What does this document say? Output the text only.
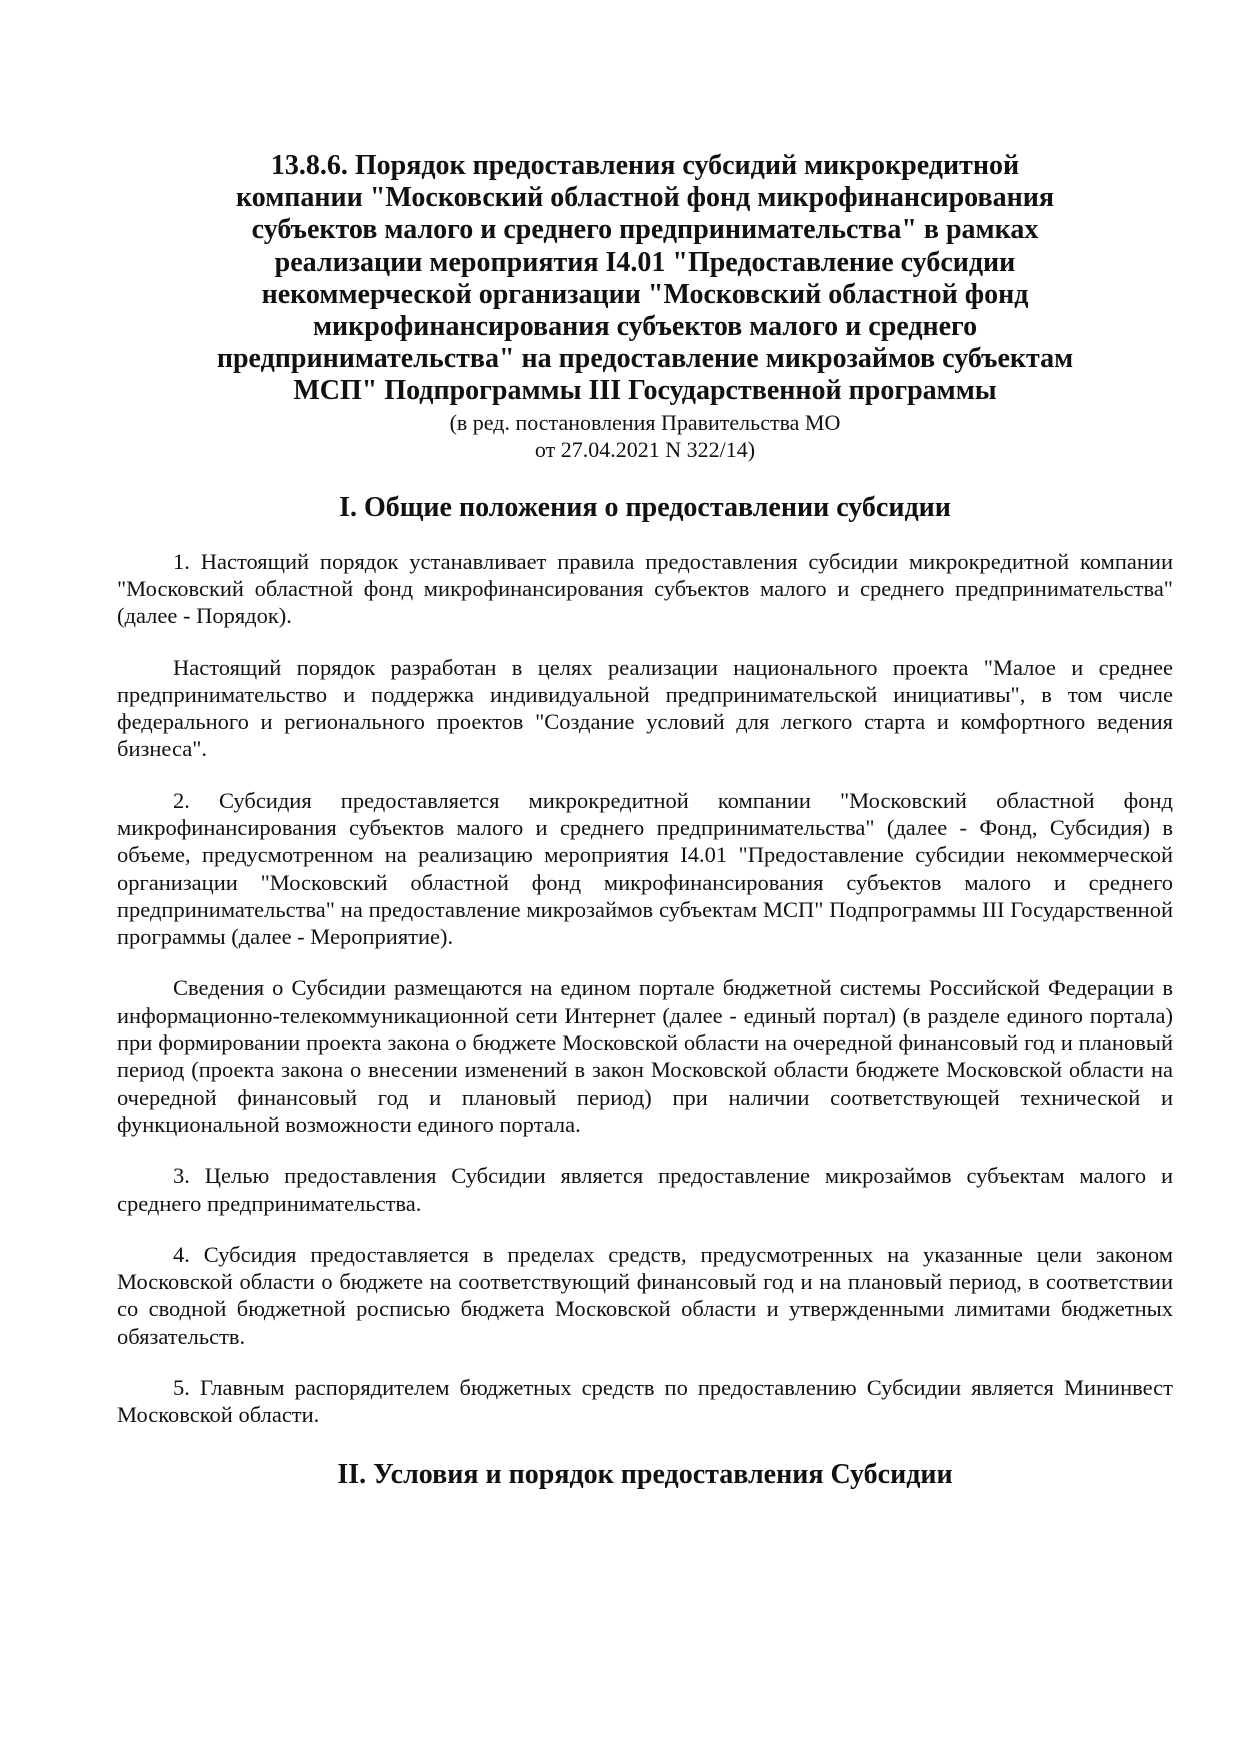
13.8.6. Порядок предоставления субсидий микрокредитной
компании "Московский областной фонд микрофинансирования
субъектов малого и среднего предпринимательства" в рамках
реализации мероприятия I4.01 "Предоставление субсидии
некоммерческой организации "Московский областной фонд
микрофинансирования субъектов малого и среднего
предпринимательства" на предоставление микрозаймов субъектам
МСП" Подпрограммы III Государственной программы
(в ред. постановления Правительства МО
от 27.04.2021 N 322/14)
I. Общие положения о предоставлении субсидии

1. Настоящий порядок устанавливает правила предоставления субсидии микрокредитной компании "Московский областной фонд микрофинансирования субъектов малого и среднего предпринимательства" (далее - Порядок).

Настоящий порядок разработан в целях реализации национального проекта "Малое и среднее предпринимательство и поддержка индивидуальной предпринимательской инициативы", в том числе федерального и регионального проектов "Создание условий для легкого старта и комфортного ведения бизнеса".

2. Субсидия предоставляется микрокредитной компании "Московский областной фонд микрофинансирования субъектов малого и среднего предпринимательства" (далее - Фонд, Субсидия) в объеме, предусмотренном на реализацию мероприятия I4.01 "Предоставление субсидии некоммерческой организации "Московский областной фонд микрофинансирования субъектов малого и среднего предпринимательства" на предоставление микрозаймов субъектам МСП" Подпрограммы III Государственной программы (далее - Мероприятие).

Сведения о Субсидии размещаются на едином портале бюджетной системы Российской Федерации в информационно-телекоммуникационной сети Интернет (далее - единый портал) (в разделе единого портала) при формировании проекта закона о бюджете Московской области на очередной финансовый год и плановый период (проекта закона о внесении изменений в закон Московской области бюджете Московской области на очередной финансовый год и плановый период) при наличии соответствующей технической и функциональной возможности единого портала.

3. Целью предоставления Субсидии является предоставление микрозаймов субъектам малого и среднего предпринимательства.

4. Субсидия предоставляется в пределах средств, предусмотренных на указанные цели законом Московской области о бюджете на соответствующий финансовый год и на плановый период, в соответствии со сводной бюджетной росписью бюджета Московской области и утвержденными лимитами бюджетных обязательств.

5. Главным распорядителем бюджетных средств по предоставлению Субсидии является Мининвест Московской области.

II. Условия и порядок предоставления Субсидии
